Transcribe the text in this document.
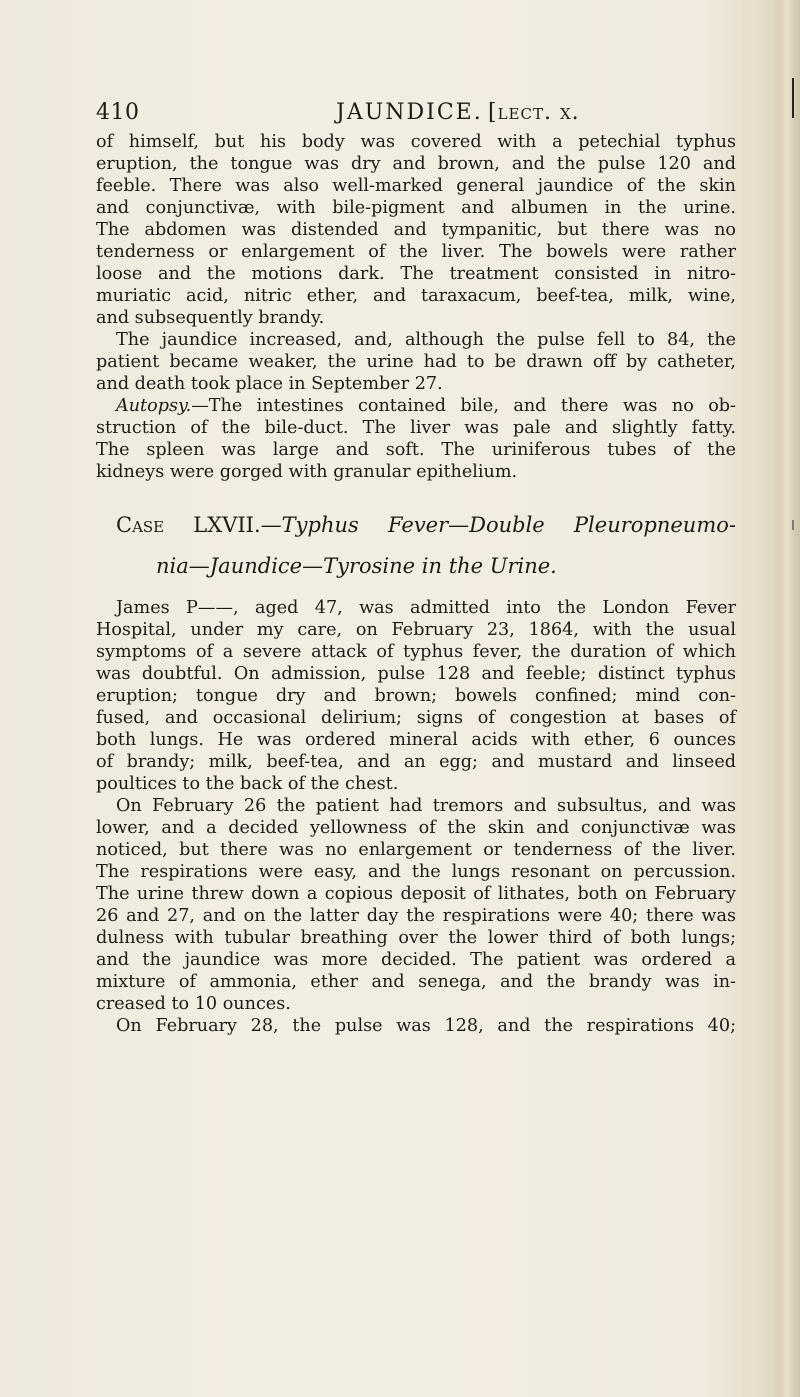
410	JAUNDICE. [lect. x.
of himself, but his body was covered with a petechial typhus
eruption, the tongue was dry and brown, and the pulse 120 and
feeble. There was also well-marked general jaundice of the skin
and conjunctivæ, with bile-pigment and albumen in the urine.
The abdomen was distended and tympanitic, but there was no
tenderness or enlargement of the liver. The bowels were rather
loose and the motions dark. The treatment consisted in nitro-
muriatic acid, nitric ether, and taraxacum, beef-tea, milk, wine,
and subsequently brandy.
The jaundice increased, and, although the pulse fell to 84, the
patient became weaker, the urine had to be drawn off by catheter,
and death took place in September 27.
Autopsy.—The intestines contained bile, and there was no ob-
struction of the bile-duct. The liver was pale and slightly fatty.
The spleen was large and soft. The uriniferous tubes of the
kidneys were gorged with granular epithelium.
Case LXVII.—Typhus Fever—Double Pleuropneumo-
nia—Jaundice—Tyrosine in the Urine.
James P——, aged 47, was admitted into the London Fever
Hospital, under my care, on February 23, 1864, with the usual
symptoms of a severe attack of typhus fever, the duration of which
was doubtful. On admission, pulse 128 and feeble; distinct typhus
eruption; tongue dry and brown; bowels confined; mind con-
fused, and occasional delirium; signs of congestion at bases of
both lungs. He was ordered mineral acids with ether, 6 ounces
of brandy; milk, beef-tea, and an egg; and mustard and linseed
poultices to the back of the chest.
On February 26 the patient had tremors and subsultus, and was
lower, and a decided yellowness of the skin and conjunctivæ was
noticed, but there was no enlargement or tenderness of the liver.
The respirations were easy, and the lungs resonant on percussion.
The urine threw down a copious deposit of lithates, both on February
26 and 27, and on the latter day the respirations were 40; there was
dulness with tubular breathing over the lower third of both lungs;
and the jaundice was more decided. The patient was ordered a
mixture of ammonia, ether and senega, and the brandy was in-
creased to 10 ounces.
On February 28, the pulse was 128, and the respirations 40;
